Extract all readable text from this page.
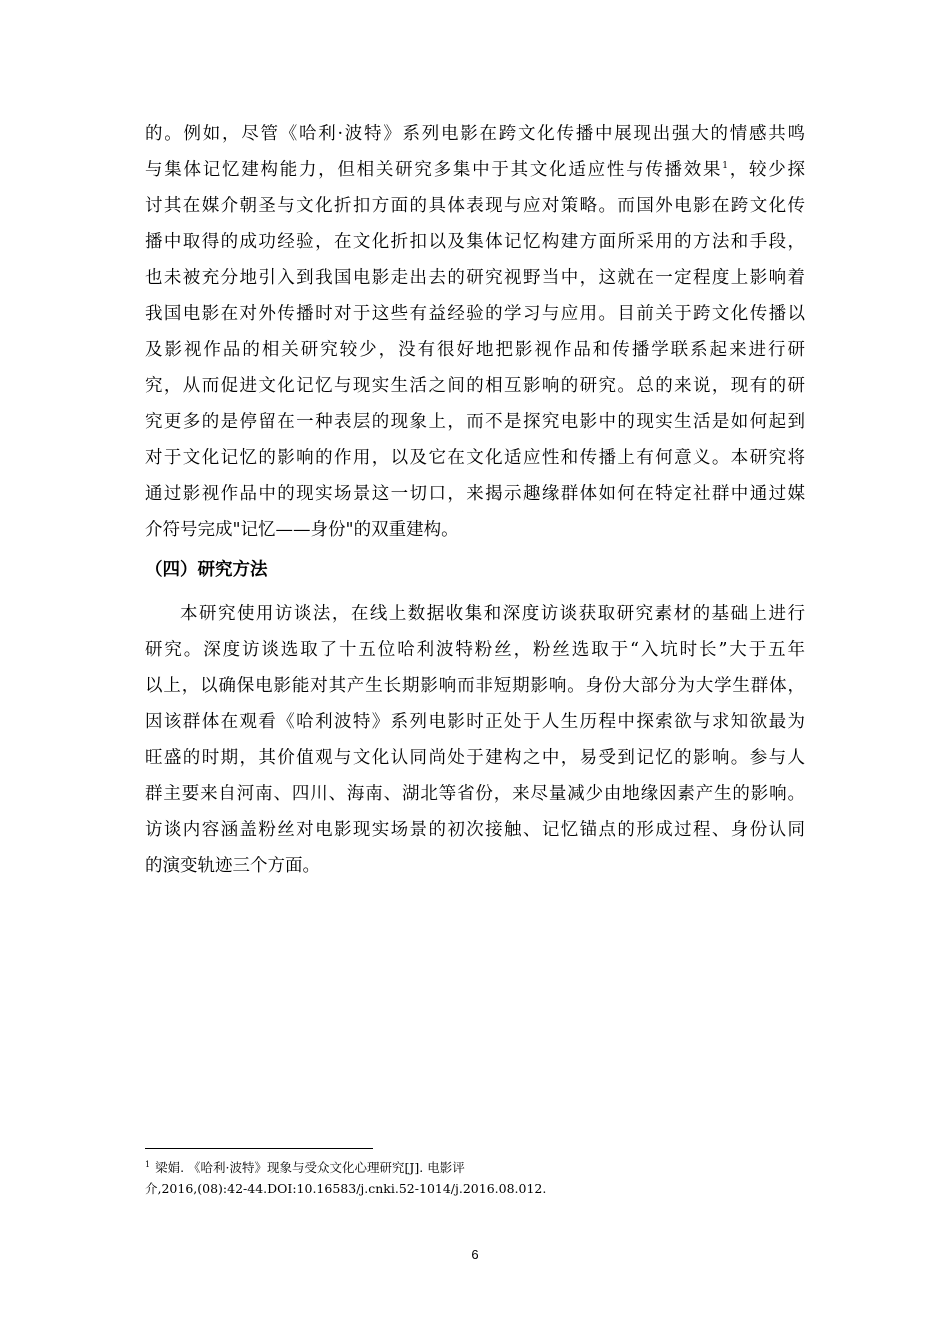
的。例如，尽管《哈利·波特》系列电影在跨文化传播中展现出强大的情感共鸣
与集体记忆建构能力，但相关研究多集中于其文化适应性与传播效果$^1$，较少探
讨其在媒介朝圣与文化折扣方面的具体表现与应对策略。而国外电影在跨文化传
播中取得的成功经验，在文化折扣以及集体记忆构建方面所采用的方法和手段，
也未被充分地引入到我国电影走出去的研究视野当中，这就在一定程度上影响着
我国电影在对外传播时对于这些有益经验的学习与应用。目前关于跨文化传播以
及影视作品的相关研究较少，没有很好地把影视作品和传播学联系起来进行研
究，从而促进文化记忆与现实生活之间的相互影响的研究。总的来说，现有的研
究更多的是停留在一种表层的现象上，而不是探究电影中的现实生活是如何起到
对于文化记忆的影响的作用，以及它在文化适应性和传播上有何意义。本研究将
通过影视作品中的现实场景这一切口，来揭示趣缘群体如何在特定社群中通过媒
介符号完成"记忆——身份"的双重建构。
（四）研究方法
本研究使用访谈法，在线上数据收集和深度访谈获取研究素材的基础上进行
研究。深度访谈选取了十五位哈利波特粉丝，粉丝选取于“入坑时长”大于五年
以上，以确保电影能对其产生长期影响而非短期影响。身份大部分为大学生群体，
因该群体在观看《哈利波特》系列电影时正处于人生历程中探索欲与求知欲最为
旺盛的时期，其价值观与文化认同尚处于建构之中，易受到记忆的影响。参与人
群主要来自河南、四川、海南、湖北等省份，来尽量减少由地缘因素产生的影响。
访谈内容涵盖粉丝对电影现实场景的初次接触、记忆锚点的形成过程、身份认同
的演变轨迹三个方面。
$^1$ 梁娟. 《哈利·波特》现象与受众文化心理研究[J]. 电影评
介,2016,(08):42-44.DOI:10.16583/j.cnki.52-1014/j.2016.08.012.
6
